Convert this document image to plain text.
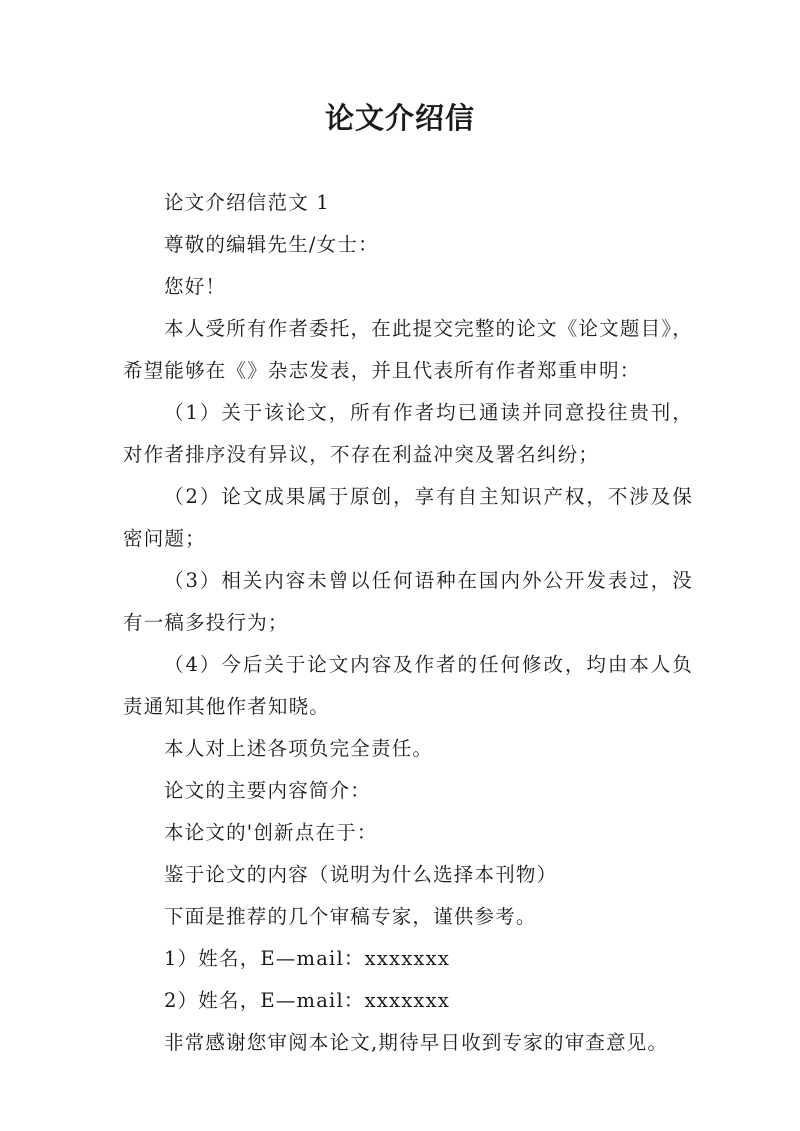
论文介绍信

论文介绍信范文 1

尊敬的编辑先生/女士：

您好！

本人受所有作者委托，在此提交完整的论文《论文题目》，希望能够在《》杂志发表，并且代表所有作者郑重申明：

（1）关于该论文，所有作者均已通读并同意投往贵刊，对作者排序没有异议，不存在利益冲突及署名纠纷；

（2）论文成果属于原创，享有自主知识产权，不涉及保密问题；

（3）相关内容未曾以任何语种在国内外公开发表过，没有一稿多投行为；

（4）今后关于论文内容及作者的任何修改，均由本人负责通知其他作者知晓。

本人对上述各项负完全责任。

论文的主要内容简介：

本论文的'创新点在于：

鉴于论文的内容（说明为什么选择本刊物）

下面是推荐的几个审稿专家，谨供参考。

1）姓名，E—mail：xxxxxxx

2）姓名，E—mail：xxxxxxx

非常感谢您审阅本论文,期待早日收到专家的审查意见。
